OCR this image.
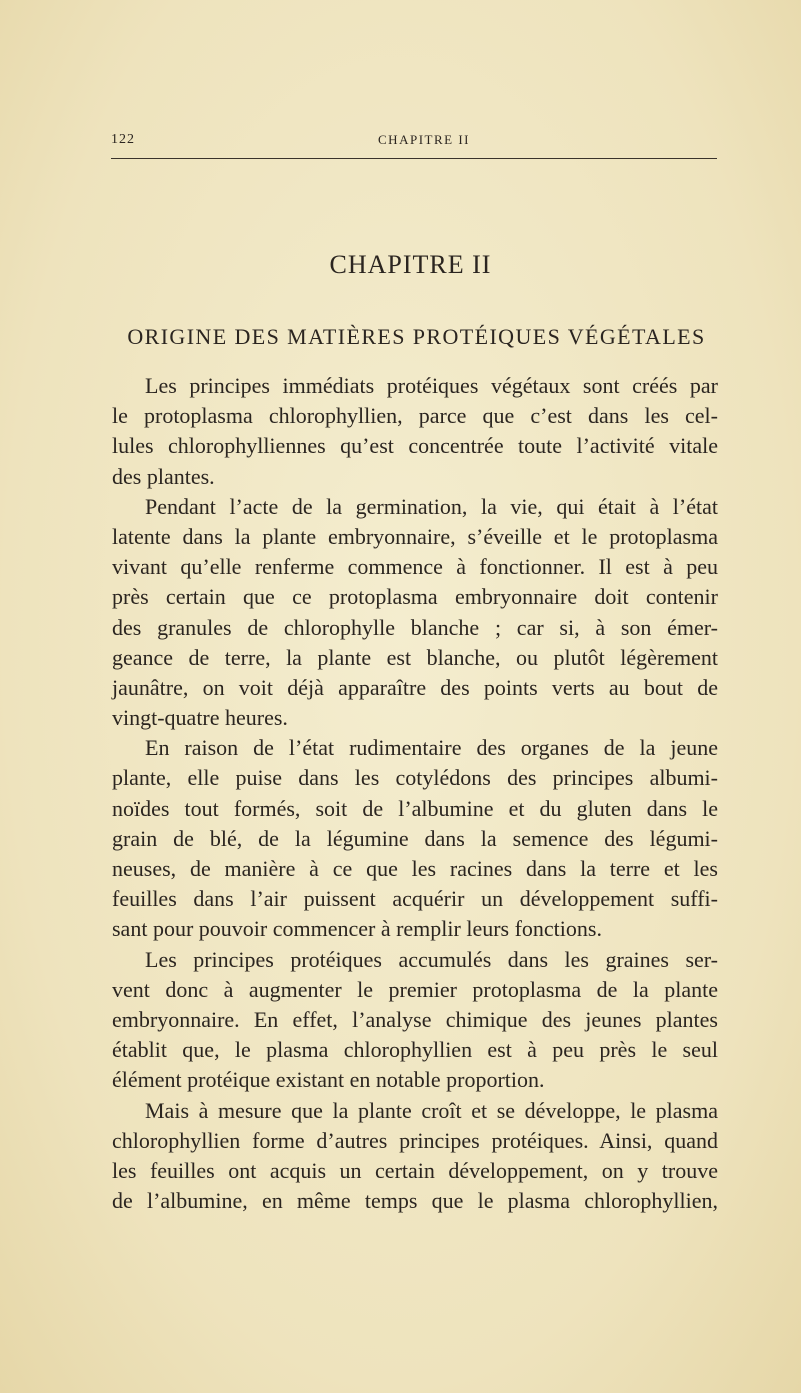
122	CHAPITRE II
CHAPITRE II
ORIGINE DES MATIÈRES PROTÉIQUES VÉGÉTALES

Les principes immédiats protéiques végétaux sont créés par
le protoplasma chlorophyllien, parce que c’est dans les cel-
lules chlorophylliennes qu’est concentrée toute l’activité vitale
des plantes.

Pendant l’acte de la germination, la vie, qui était à l’état
latente dans la plante embryonnaire, s’éveille et le protoplasma
vivant qu’elle renferme commence à fonctionner. Il est à peu
près certain que ce protoplasma embryonnaire doit contenir
des granules de chlorophylle blanche ; car si, à son émer-
geance de terre, la plante est blanche, ou plutôt légèrement
jaunâtre, on voit déjà apparaître des points verts au bout de
vingt-quatre heures.

En raison de l’état rudimentaire des organes de la jeune
plante, elle puise dans les cotylédons des principes albumi-
noïdes tout formés, soit de l’albumine et du gluten dans le
grain de blé, de la légumine dans la semence des légumi-
neuses, de manière à ce que les racines dans la terre et les
feuilles dans l’air puissent acquérir un développement suffi-
sant pour pouvoir commencer à remplir leurs fonctions.

Les principes protéiques accumulés dans les graines ser-
vent donc à augmenter le premier protoplasma de la plante
embryonnaire. En effet, l’analyse chimique des jeunes plantes
établit que, le plasma chlorophyllien est à peu près le seul
élément protéique existant en notable proportion.

Mais à mesure que la plante croît et se développe, le plasma
chlorophyllien forme d’autres principes protéiques. Ainsi, quand
les feuilles ont acquis un certain développement, on y trouve
de l’albumine, en même temps que le plasma chlorophyllien,
